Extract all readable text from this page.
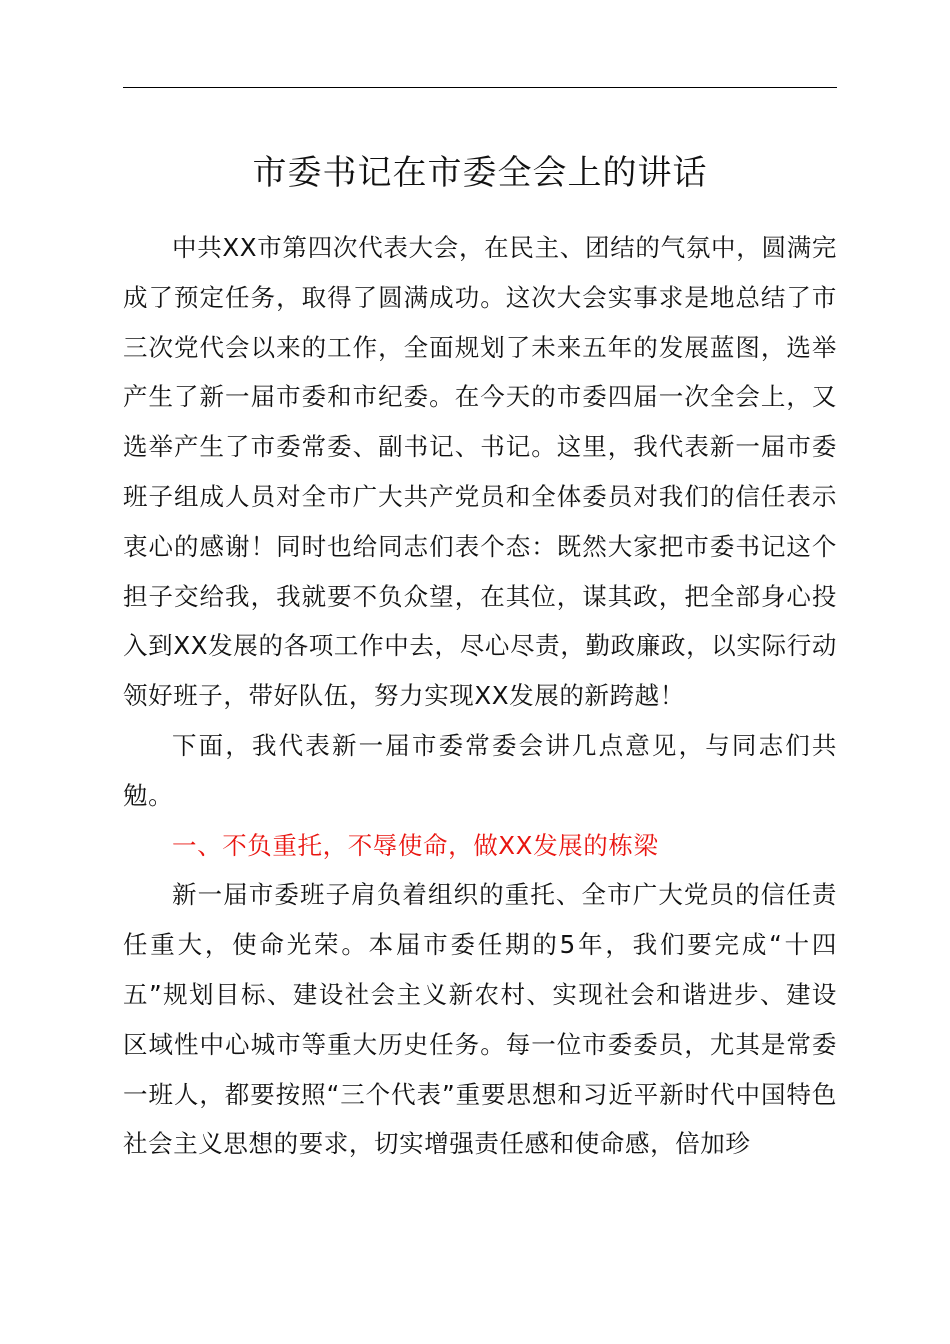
市委书记在市委全会上的讲话

中共XX市第四次代表大会，在民主、团结的气氛中，圆满完成了预定任务，取得了圆满成功。这次大会实事求是地总结了市三次党代会以来的工作，全面规划了未来五年的发展蓝图，选举产生了新一届市委和市纪委。在今天的市委四届一次全会上，又选举产生了市委常委、副书记、书记。这里，我代表新一届市委班子组成人员对全市广大共产党员和全体委员对我们的信任表示衷心的感谢！同时也给同志们表个态：既然大家把市委书记这个担子交给我，我就要不负众望，在其位，谋其政，把全部身心投入到XX发展的各项工作中去，尽心尽责，勤政廉政，以实际行动领好班子，带好队伍，努力实现XX发展的新跨越！

下面，我代表新一届市委常委会讲几点意见，与同志们共勉。

一、不负重托，不辱使命，做XX发展的栋梁

新一届市委班子肩负着组织的重托、全市广大党员的信任责任重大，使命光荣。本届市委任期的5年，我们要完成“十四五”规划目标、建设社会主义新农村、实现社会和谐进步、建设区域性中心城市等重大历史任务。每一位市委委员，尤其是常委一班人，都要按照“三个代表”重要思想和习近平新时代中国特色社会主义思想的要求，切实增强责任感和使命感，倍加珍
